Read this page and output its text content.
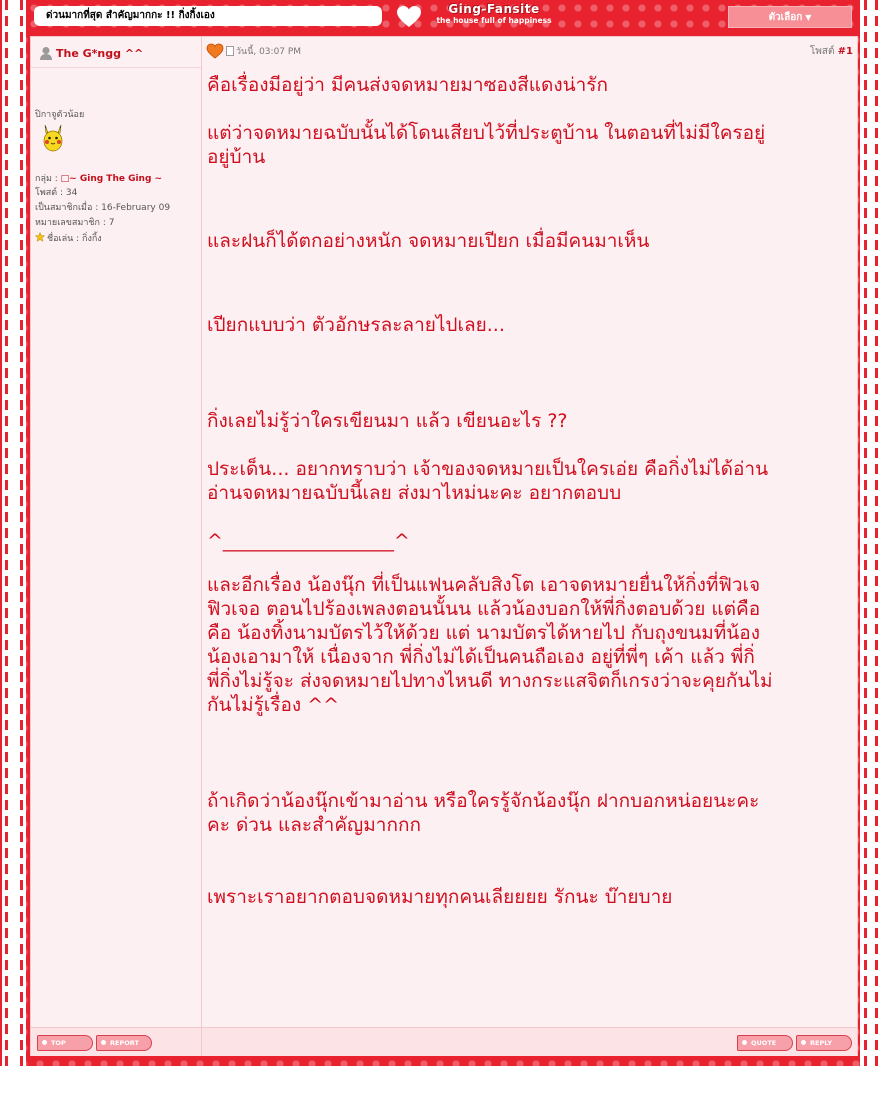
ด่วนมากที่สุด สำคัญมากกะ !! กิ่งกิ้งเอง	Ging-Fansite
the house full of happiness	ตัวเลือก ▼
The G*ngg ^^
ปิกาจูตัวน้อย
กลุ่ม : □~ Ging The Ging ~
โพสต์ : 34
เป็นสมาชิกเมื่อ : 16-February 09
หมายเลขสมาชิก : 7
ชื่อเล่น : กิ่งกิ้ง
วันนี้, 03:07 PM	โพสต์ #1
คือเรื่องมีอยู่ว่า มีคนส่งจดหมายมาซองสีแดงน่ารัก
แต่ว่าจดหมายฉบับนั้นได้โดนเสียบไว้ที่ประตูบ้าน ในตอนที่ไม่มีใครอยู่
อยู่บ้าน
และฝนก็ได้ตกอย่างหนัก จดหมายเปียก เมื่อมีคนมาเห็น
เปียกแบบว่า ตัวอักษรละลายไปเลย...
กิ่งเลยไม่รู้ว่าใครเขียนมา แล้ว เขียนอะไร ??
ประเด็น... อยากทราบว่า เจ้าของจดหมายเป็นใครเอ่ย คือกิ่งไม่ได้อ่าน
อ่านจดหมายฉบับนี้เลย ส่งมาไหม่นะคะ อยากตอบบ
^__________________^
และอีกเรื่อง น้องนุ๊ก ที่เป็นแฟนคลับสิงโต เอาจดหมายยื่นให้กิ่งที่ฟิวเจ
ฟิวเจอ ตอนไปร้องเพลงตอนนั้นน แล้วน้องบอกให้พี่กิ่งตอบด้วย แต่คือ
คือ น้องทิ้งนามบัตรไว้ให้ด้วย แต่ นามบัตรได้หายไป กับถุงขนมที่น้อง
น้องเอามาให้ เนื่องจาก พี่กิ่งไม่ได้เป็นคนถือเอง อยู่ที่พี่ๆ เค้า แล้ว พี่กิ่
พี่กิ่งไม่รู้จะ ส่งจดหมายไปทางไหนดี ทางกระแสจิตก็เกรงว่าจะคุยกันไม่
กันไม่รู้เรื่อง ^^
ถ้าเกิดว่าน้องนุ๊กเข้ามาอ่าน หรือใครรู้จักน้องนุ๊ก ฝากบอกหน่อยนะคะ
คะ ด่วน และสำคัญมากกก
เพราะเราอยากตอบจดหมายทุกคนเลียยยย รักนะ บ๊ายบาย
TOP	REPORT	QUOTE	REPLY
